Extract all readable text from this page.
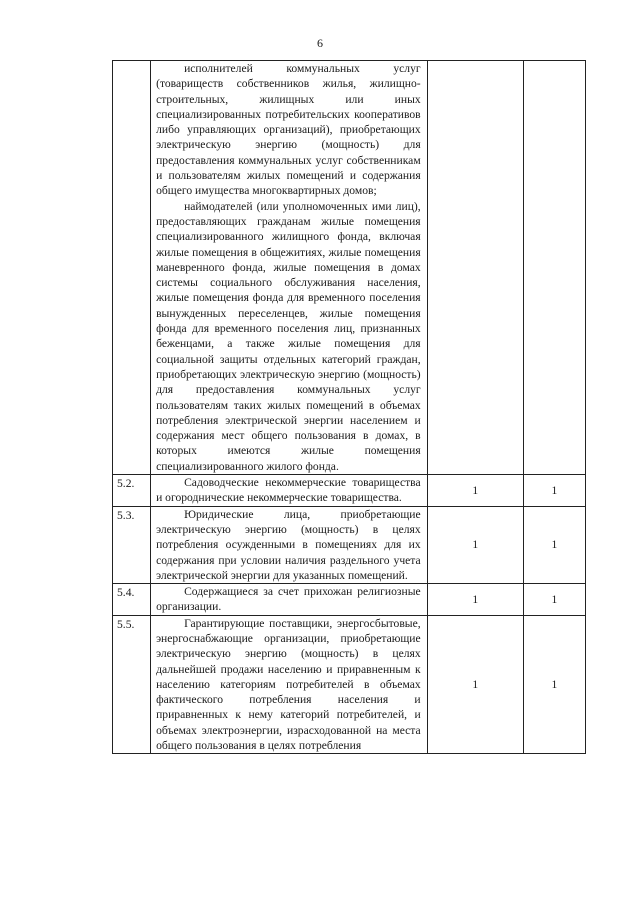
6

	исполнителей коммунальных услуг (товариществ собственников жилья, жилищно-строительных, жилищных или иных специализированных потребительских кооперативов либо управляющих организаций), приобретающих электрическую энергию (мощность) для предоставления коммунальных услуг собственникам и пользователям жилых помещений и содержания общего имущества многоквартирных домов;

наймодателей (или уполномоченных ими лиц), предоставляющих гражданам жилые помещения специализированного жилищного фонда, включая жилые помещения в общежитиях, жилые помещения маневренного фонда, жилые помещения в домах системы социального обслуживания населения, жилые помещения фонда для временного поселения вынужденных переселенцев, жилые помещения фонда для временного поселения лиц, признанных беженцами, а также жилые помещения для социальной защиты отдельных категорий граждан, приобретающих электрическую энергию (мощность) для предоставления коммунальных услуг пользователям таких жилых помещений в объемах потребления электрической энергии населением и содержания мест общего пользования в домах, в которых имеются жилые помещения специализированного жилого фонда.		

5.2.	Садоводческие некоммерческие товарищества и огороднические некоммерческие товарищества.	1	1
5.3.	Юридические лица, приобретающие электрическую энергию (мощность) в целях потребления осужденными в помещениях для их содержания при условии наличия раздельного учета электрической энергии для указанных помещений.	1	1
5.4.	Содержащиеся за счет прихожан религиозные организации.	1	1
5.5.	Гарантирующие поставщики, энергосбытовые, энергоснабжающие организации, приобретающие электрическую энергию (мощность) в целях дальнейшей продажи населению и приравненным к населению категориям потребителей в объемах фактического потребления населения и приравненных к нему категорий потребителей, и объемах электроэнергии, израсходованной на места общего пользования в целях потребления	1	1
